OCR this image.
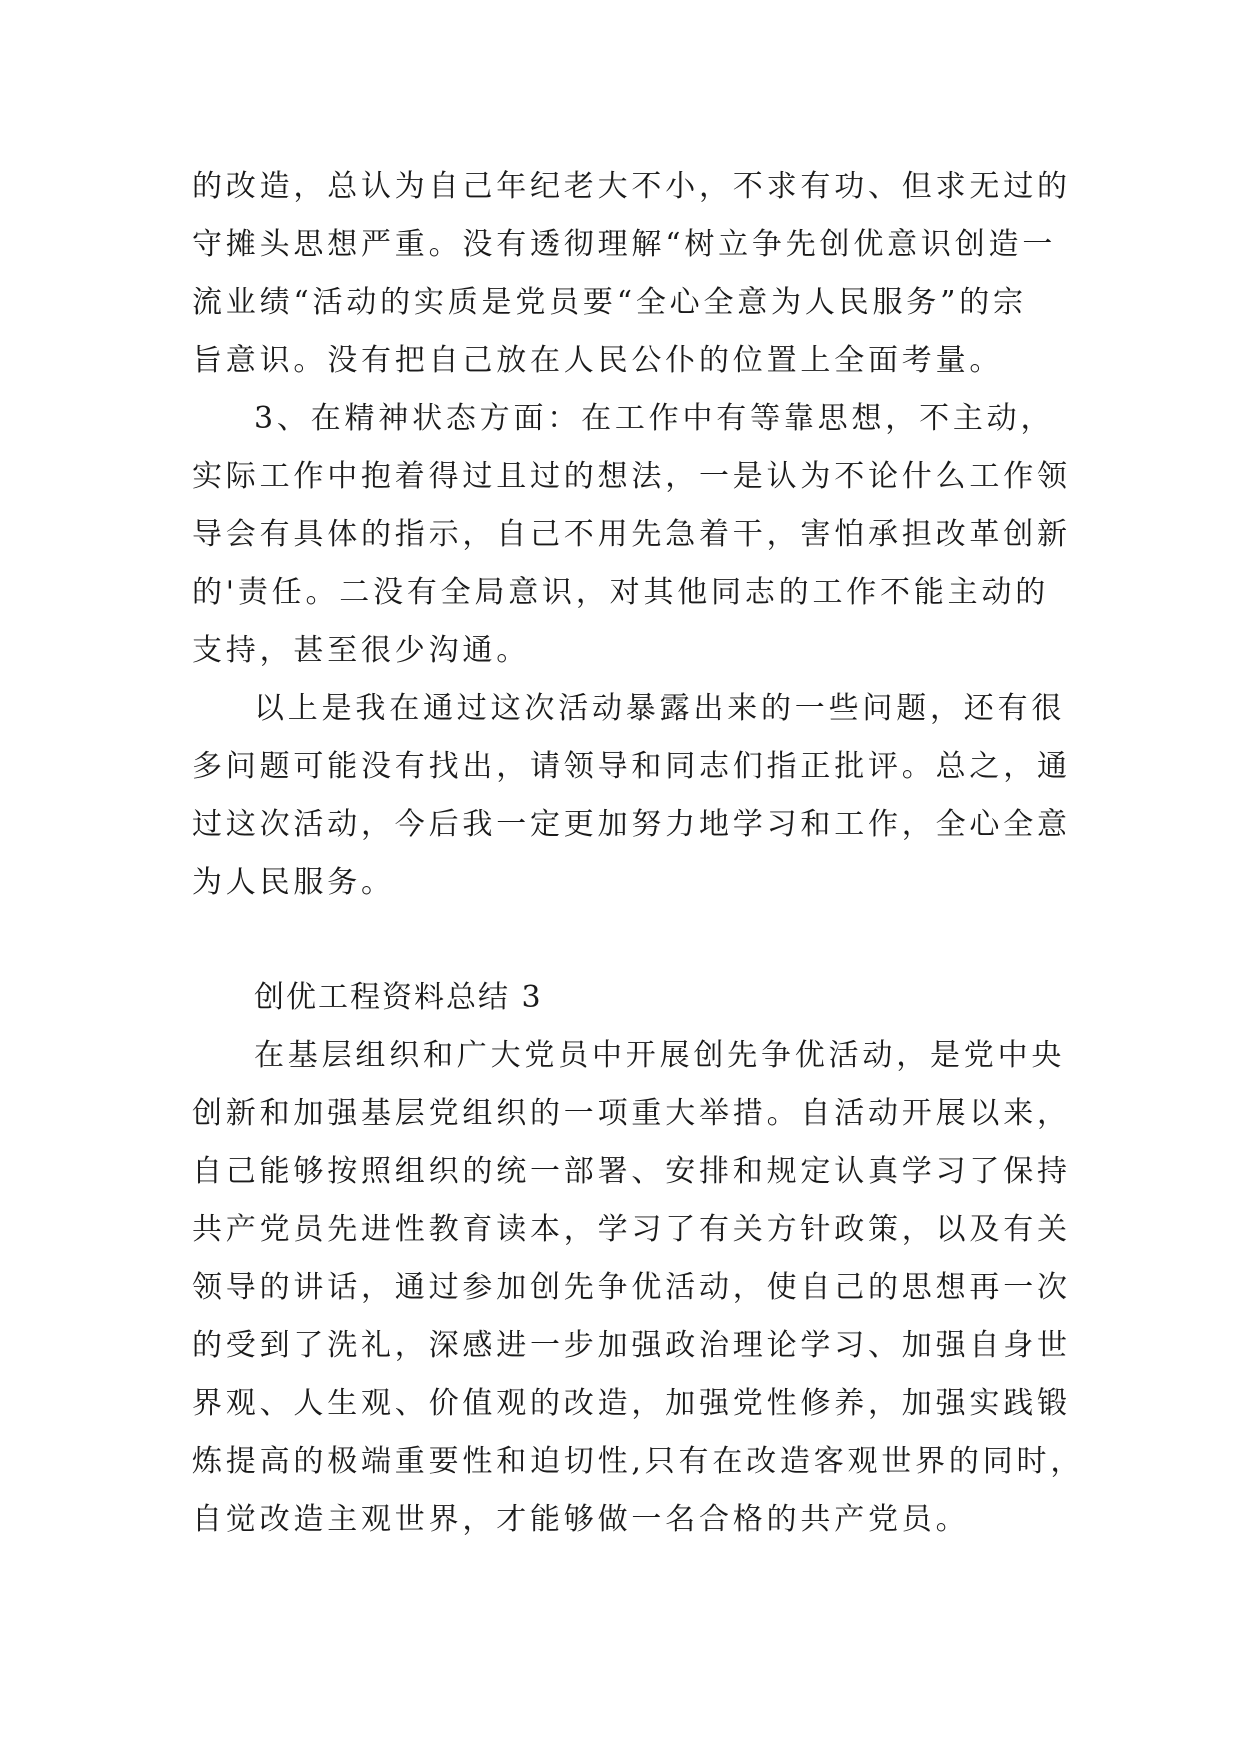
的改造，总认为自己年纪老大不小，不求有功、但求无过的
守摊头思想严重。没有透彻理解“树立争先创优意识创造一
流业绩“活动的实质是党员要“全心全意为人民服务”的宗
旨意识。没有把自己放在人民公仆的位置上全面考量。
3、在精神状态方面：在工作中有等靠思想，不主动，
实际工作中抱着得过且过的想法，一是认为不论什么工作领
导会有具体的指示，自己不用先急着干，害怕承担改革创新
的'责任。二没有全局意识，对其他同志的工作不能主动的
支持，甚至很少沟通。
以上是我在通过这次活动暴露出来的一些问题，还有很
多问题可能没有找出，请领导和同志们指正批评。总之，通
过这次活动，今后我一定更加努力地学习和工作，全心全意
为人民服务。
创优工程资料总结 3
在基层组织和广大党员中开展创先争优活动，是党中央
创新和加强基层党组织的一项重大举措。自活动开展以来，
自己能够按照组织的统一部署、安排和规定认真学习了保持
共产党员先进性教育读本，学习了有关方针政策，以及有关
领导的讲话，通过参加创先争优活动，使自己的思想再一次
的受到了洗礼，深感进一步加强政治理论学习、加强自身世
界观、人生观、价值观的改造，加强党性修养，加强实践锻
炼提高的极端重要性和迫切性,只有在改造客观世界的同时，
自觉改造主观世界，才能够做一名合格的共产党员。
